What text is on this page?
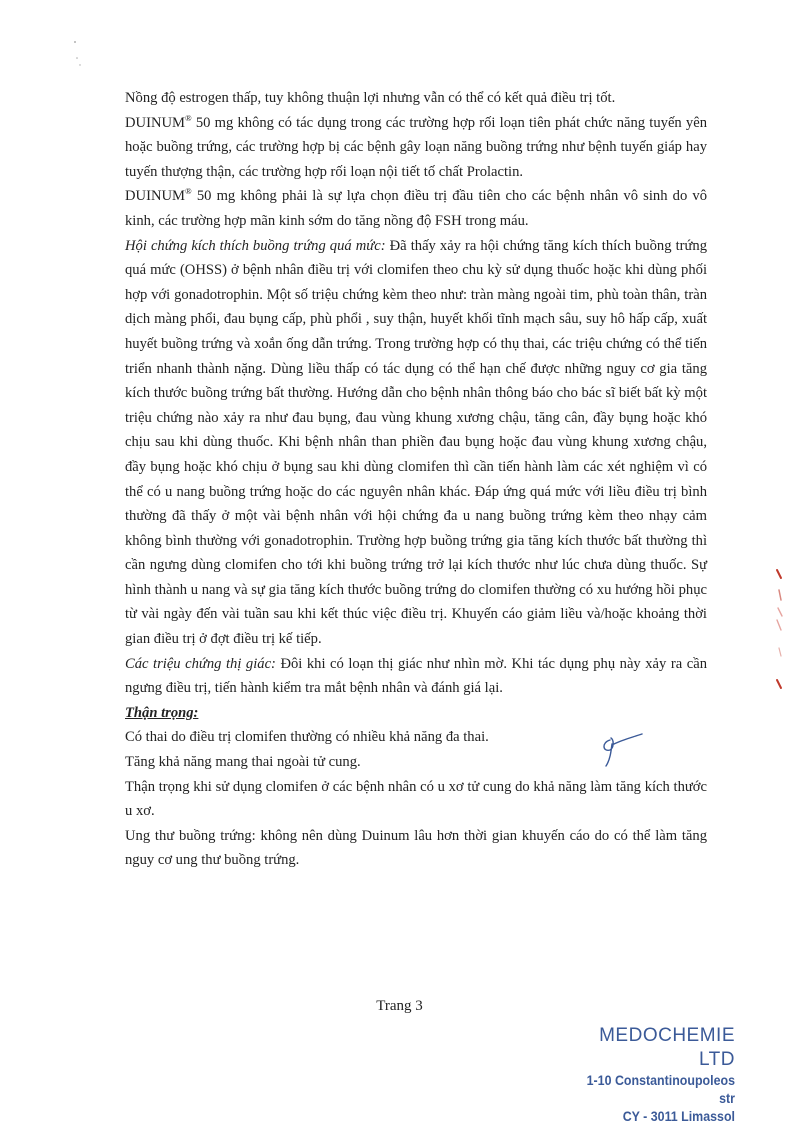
Nồng độ estrogen thấp, tuy không thuận lợi nhưng vẫn có thể có kết quả điều trị tốt.

DUINUM® 50 mg không có tác dụng trong các trường hợp rối loạn tiên phát chức năng tuyến yên hoặc buồng trứng, các trường hợp bị các bệnh gây loạn năng buồng trứng như bệnh tuyến giáp hay tuyến thượng thận, các trường hợp rối loạn nội tiết tố chất Prolactin.

DUINUM® 50 mg không phải là sự lựa chọn điều trị đầu tiên cho các bệnh nhân vô sinh do vô kinh, các trường hợp mãn kinh sớm do tăng nồng độ FSH trong máu.

Hội chứng kích thích buồng trứng quá mức: Đã thấy xảy ra hội chứng tăng kích thích buồng trứng quá mức (OHSS) ở bệnh nhân điều trị với clomifen theo chu kỳ sử dụng thuốc hoặc khi dùng phối hợp với gonadotrophin. Một số triệu chứng kèm theo như: tràn màng ngoài tim, phù toàn thân, tràn dịch màng phổi, đau bụng cấp, phù phổi , suy thận, huyết khối tĩnh mạch sâu, suy hô hấp cấp, xuất huyết buồng trứng và xoắn ống dẫn trứng. Trong trường hợp có thụ thai, các triệu chứng có thể tiến triển nhanh thành nặng. Dùng liều thấp có tác dụng có thể hạn chế được những nguy cơ gia tăng kích thước buồng trứng bất thường. Hướng dẫn cho bệnh nhân thông báo cho bác sĩ biết bất kỳ một triệu chứng nào xảy ra như đau bụng, đau vùng khung xương chậu, tăng cân, đầy bụng hoặc khó chịu sau khi dùng thuốc. Khi bệnh nhân than phiền đau bụng hoặc đau vùng khung xương chậu, đầy bụng hoặc khó chịu ở bụng sau khi dùng clomifen thì cần tiến hành làm các xét nghiệm vì có thể có u nang buồng trứng hoặc do các nguyên nhân khác. Đáp ứng quá mức với liều điều trị bình thường đã thấy ở một vài bệnh nhân với hội chứng đa u nang buồng trứng kèm theo nhạy cảm không bình thường với gonadotrophin. Trường hợp buồng trứng gia tăng kích thước bất thường thì cần ngưng dùng clomifen cho tới khi buồng trứng trở lại kích thước như lúc chưa dùng thuốc. Sự hình thành u nang và sự gia tăng kích thước buồng trứng do clomifen thường có xu hướng hồi phục từ vài ngày đến vài tuần sau khi kết thúc việc điều trị. Khuyến cáo giảm liều và/hoặc khoảng thời gian điều trị ở đợt điều trị kế tiếp.

Các triệu chứng thị giác: Đôi khi có loạn thị giác như nhìn mờ. Khi tác dụng phụ này xảy ra cần ngưng điều trị, tiến hành kiểm tra mắt bệnh nhân và đánh giá lại.

Thận trọng:

Có thai do điều trị clomifen thường có nhiều khả năng đa thai.

Tăng khả năng mang thai ngoài tử cung.

Thận trọng khi sử dụng clomifen ở các bệnh nhân có u xơ tử cung do khả năng làm tăng kích thước u xơ.

Ung thư buồng trứng: không nên dùng Duinum lâu hơn thời gian khuyến cáo do có thể làm tăng nguy cơ ung thư buồng trứng.

Trang 3
MEDOCHEMIE LTD
1-10 Constantinoupoleos str
CY - 3011 Limassol
